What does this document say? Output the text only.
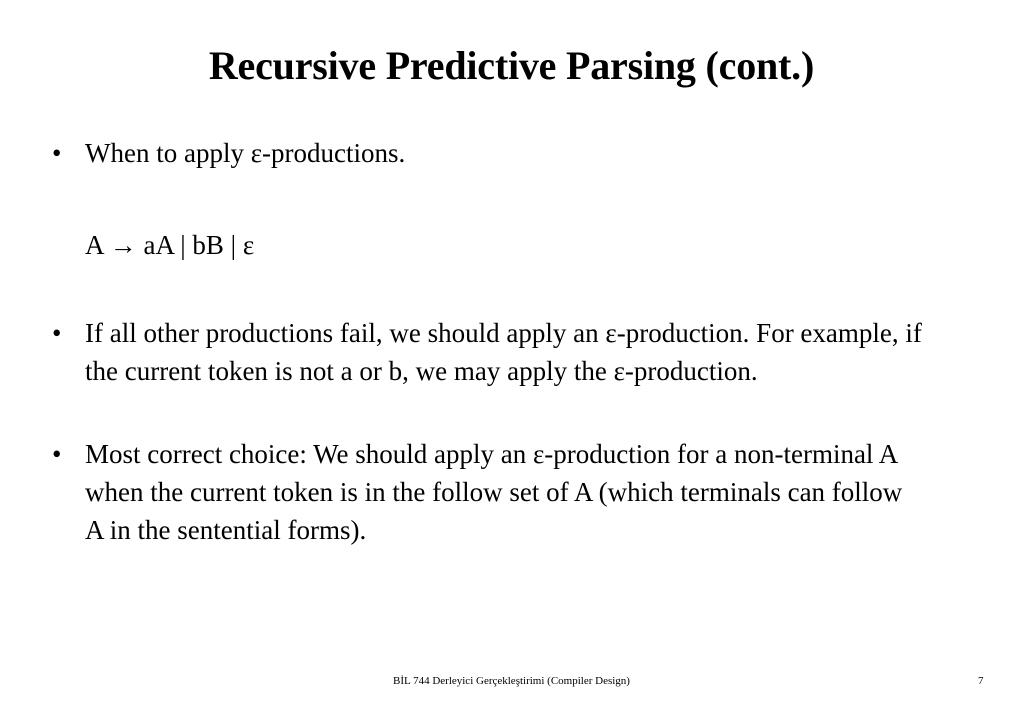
Recursive Predictive Parsing (cont.)
• When to apply ε-productions.
A → aA | bB | ε
• If all other productions fail, we should apply an ε-production. For example, if the current token is not a or b, we may apply the ε-production.
• Most correct choice: We should apply an ε-production for a non-terminal A when the current token is in the follow set of A (which terminals can follow A in the sentential forms).
BİL 744 Derleyici Gerçekleştirimi (Compiler Design)	7
